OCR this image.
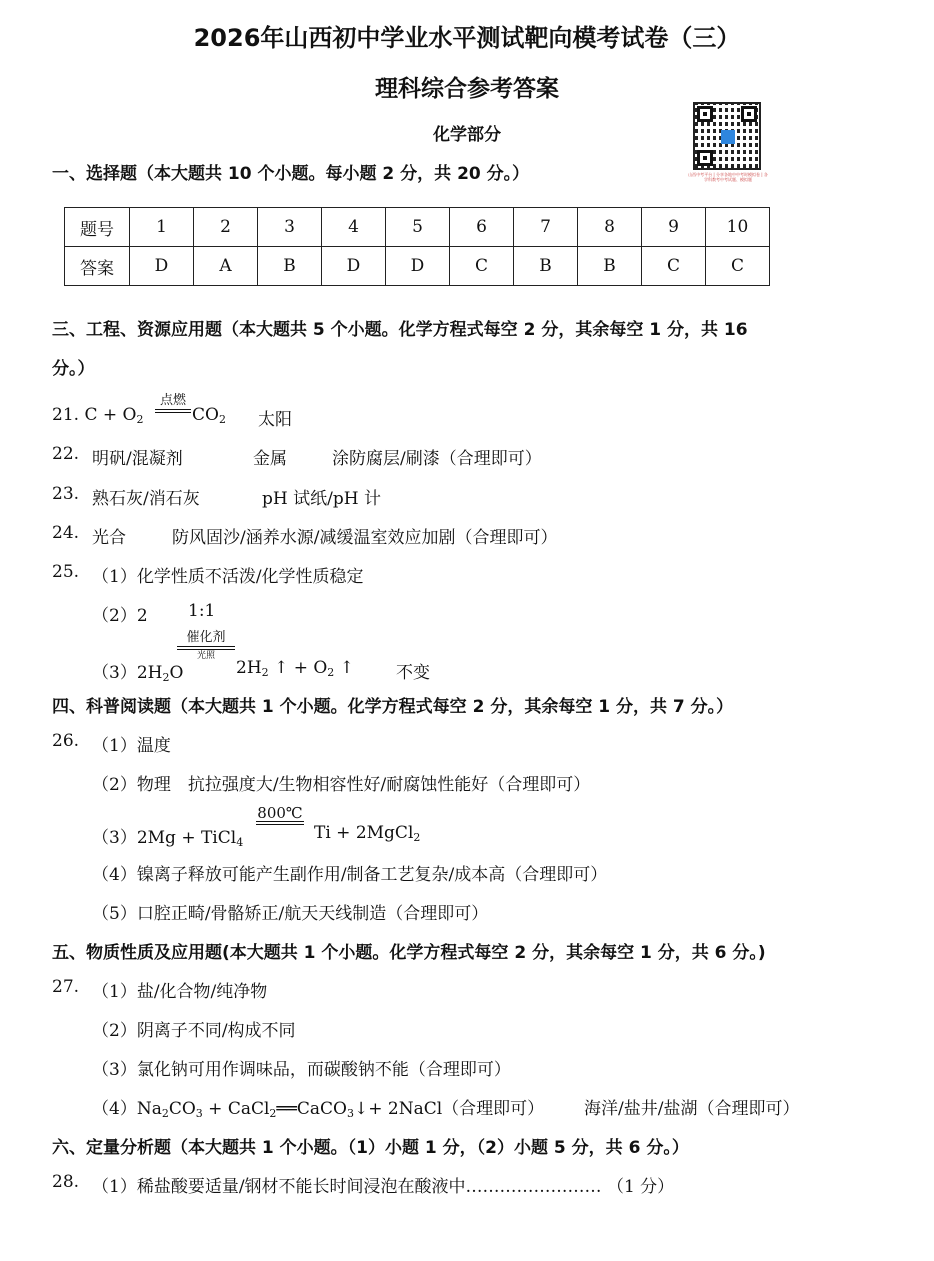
2026年山西初中学业水平测试靶向模考试卷（三）
理科综合参考答案
化学部分
山西中考平台 | 分享各地中中考时模拟卷 | 各学科教考中考试题、模拟题
一、选择题（本大题共 10 个小题。每小题 2 分，共 20 分。）
题号	1	2	3	4	5	6	7	8	9	10
答案	D	A	B	D	D	C	B	B	C	C
三、工程、资源应用题（本大题共 5 个小题。化学方程式每空 2 分，其余每空 1 分，共 16
分。）
21. $C + O_2$
点燃
$CO_2$ 太阳
22. 明矾/混凝剂	金属	涂防腐层/刷漆（合理即可）
23. 熟石灰/消石灰	pH 试纸/pH 计
24. 光合	防风固沙/涵养水源/减缓温室效应加剧（合理即可）
25. （1）化学性质不活泼/化学性质稳定
（2）2 1:1
$(3)2H_2O$
催化剂
光照
$2H_2$ ↑ + $O_2$ ↑ 不变
四、科普阅读题（本大题共 1 个小题。化学方程式每空 2 分，其余每空 1 分，共 7 分。）
26. （1）温度
（2）物理　抗拉强度大/生物相容性好/耐腐蚀性能好（合理即可）
（3）2Mg + TiCl$_4$
800℃
Ti + 2MgCl$_2$
（4）镍离子释放可能产生副作用/制备工艺复杂/成本高（合理即可）
（5）口腔正畸/骨骼矫正/航天天线制造（合理即可）
五、物质性质及应用题(本大题共 1 个小题。化学方程式每空 2 分，其余每空 1 分，共 6 分。)
27. （1）盐/化合物/纯净物
（2）阴离子不同/构成不同
（3）氯化钠可用作调味品，而碳酸钠不能（合理即可）
$(4)Na_2CO_3$ + CaCl$_2$══CaCO$_3$↓+ 2NaCl（合理即可） 海洋/盐井/盐湖（合理即可）
六、定量分析题（本大题共 1 个小题。（1）小题 1 分，（2）小题 5 分，共 6 分。）
28. （1）稀盐酸要适量/钢材不能长时间浸泡在酸液中…………………… （1 分）
